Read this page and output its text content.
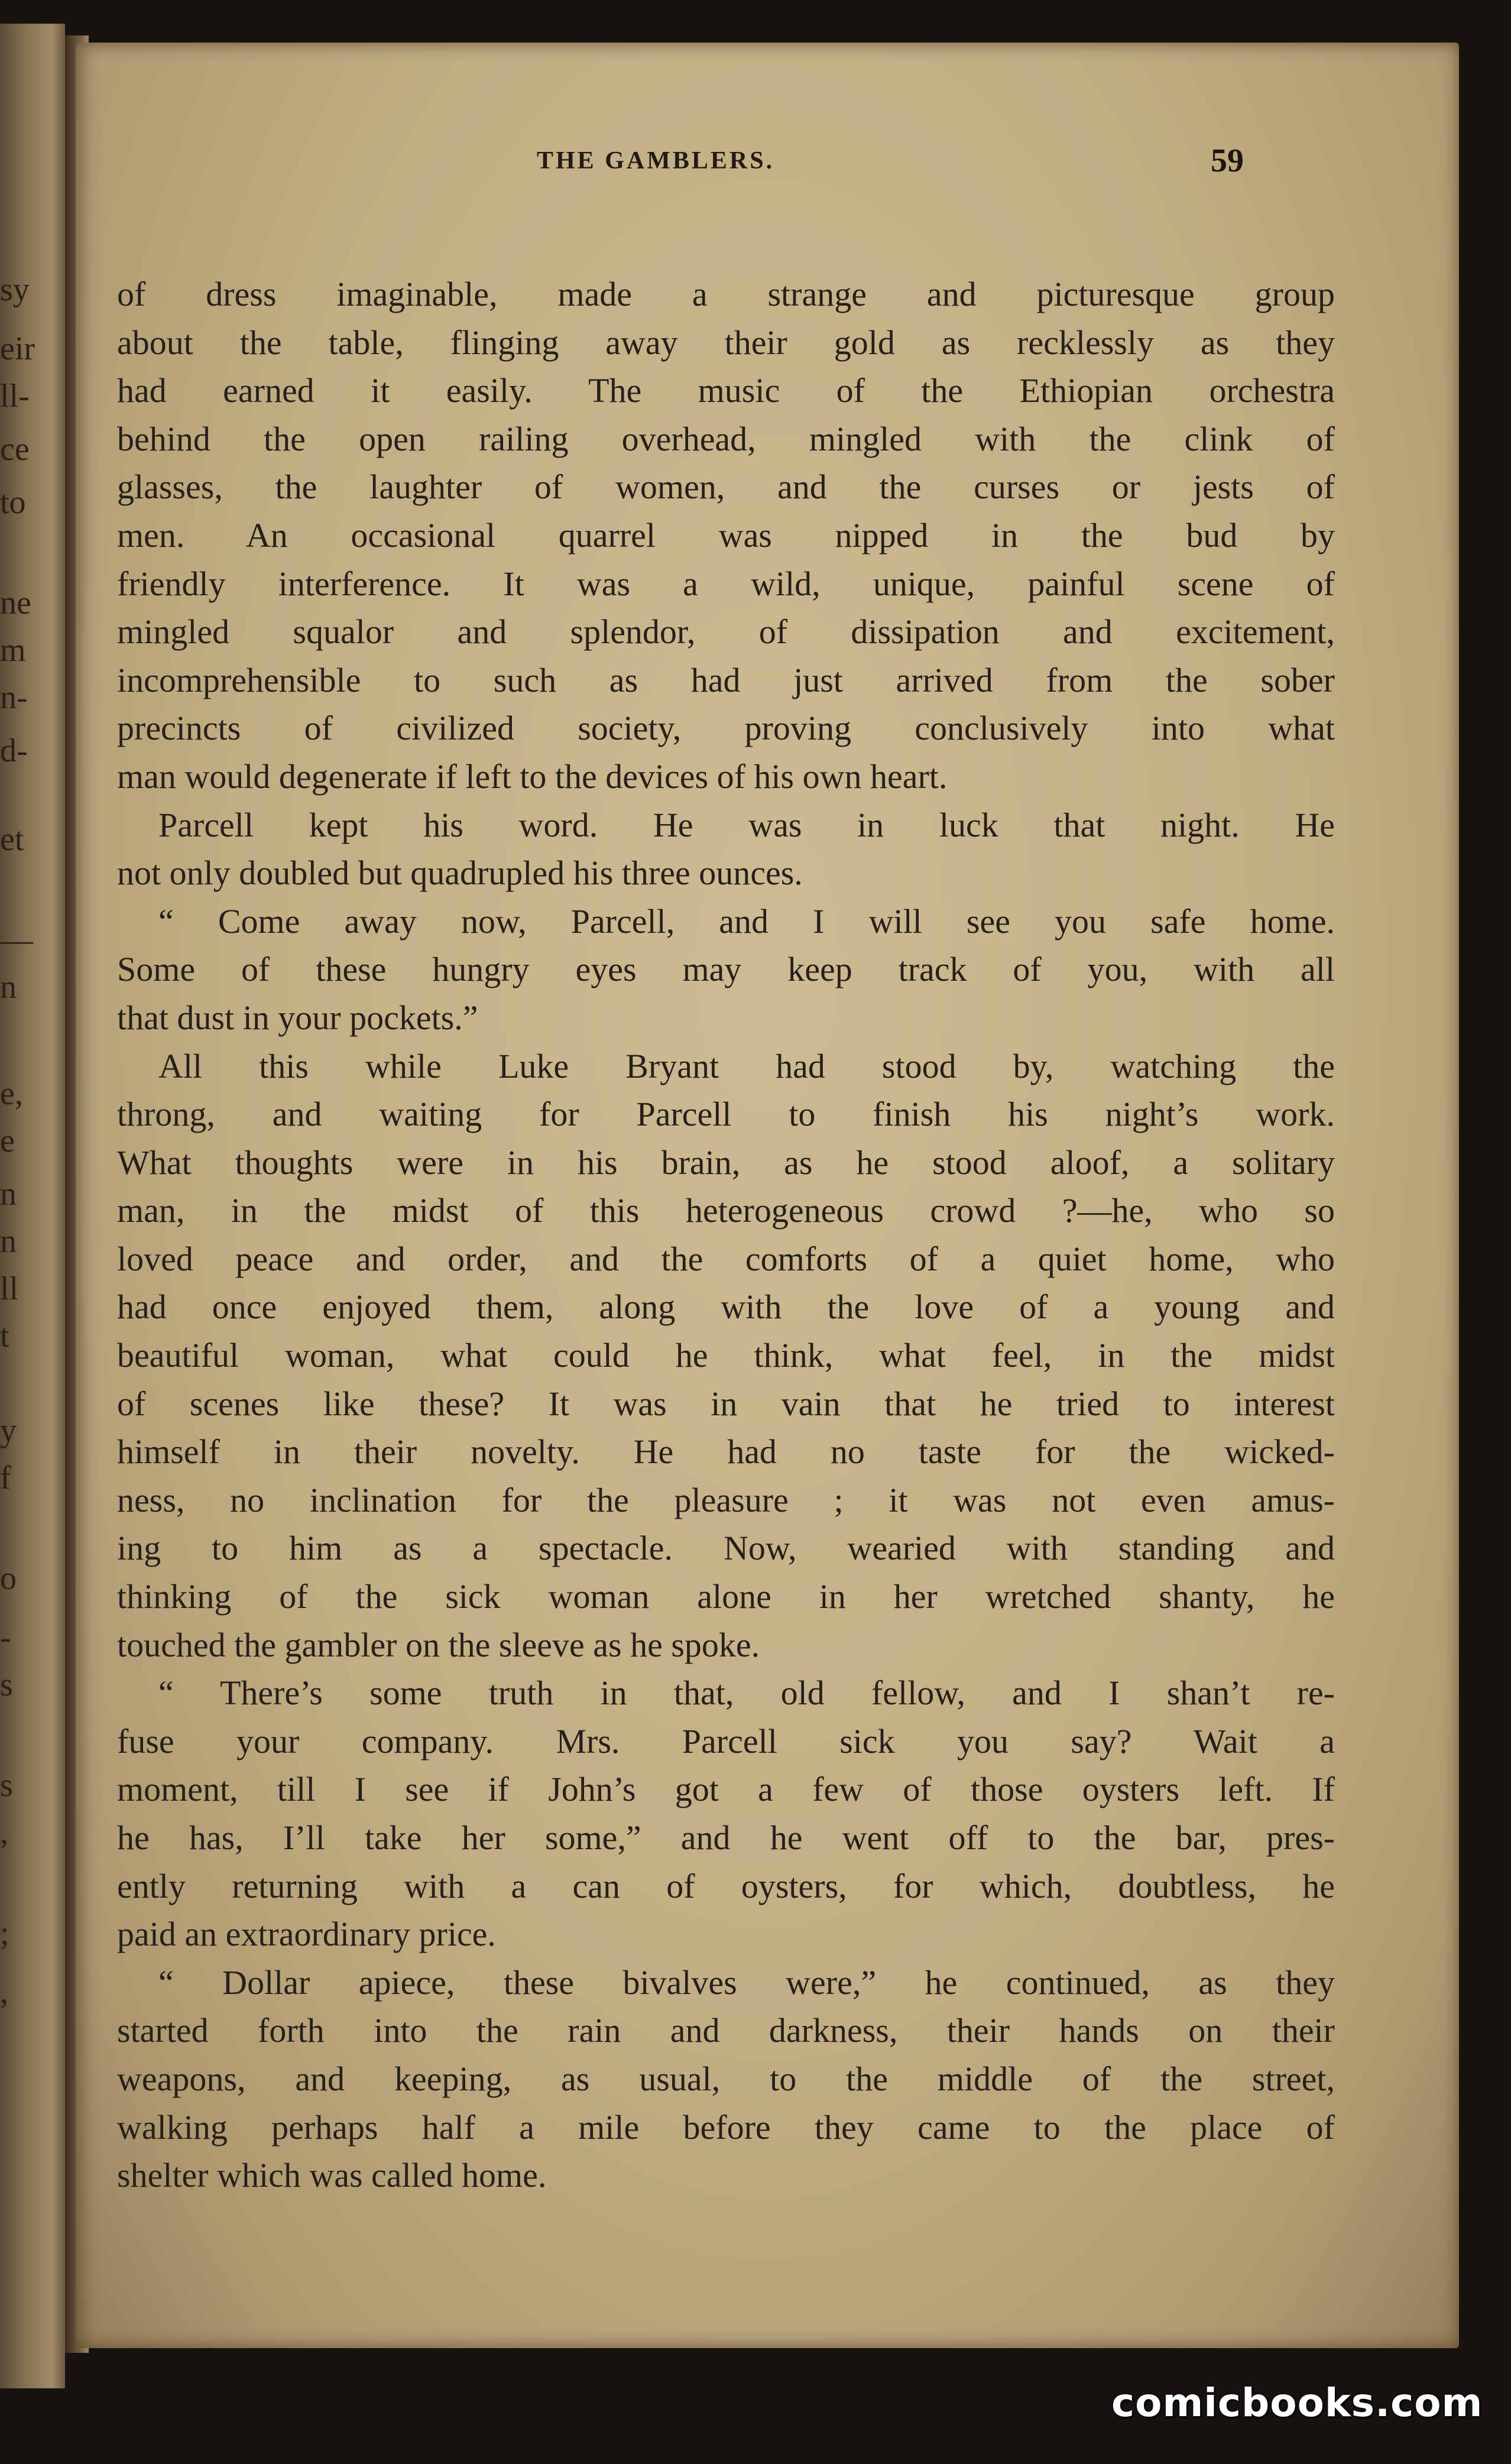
sy
eir
ll-
ce
to
ne
m
n-
d-
et
—
n
e,
e
n
n
ll
t
y
f
o
-
s
s
,
;
,
THE GAMBLERS.	59
of dress imaginable, made a strange and picturesque group
about the table, flinging away their gold as recklessly as they
had earned it easily. The music of the Ethiopian orchestra
behind the open railing overhead, mingled with the clink of
glasses, the laughter of women, and the curses or jests of
men. An occasional quarrel was nipped in the bud by
friendly interference. It was a wild, unique, painful scene of
mingled squalor and splendor, of dissipation and excitement,
incomprehensible to such as had just arrived from the sober
precincts of civilized society, proving conclusively into what
man would degenerate if left to the devices of his own heart.
Parcell kept his word. He was in luck that night. He
not only doubled but quadrupled his three ounces.
“ Come away now, Parcell, and I will see you safe home.
Some of these hungry eyes may keep track of you, with all
that dust in your pockets.”
All this while Luke Bryant had stood by, watching the
throng, and waiting for Parcell to finish his night’s work.
What thoughts were in his brain, as he stood aloof, a solitary
man, in the midst of this heterogeneous crowd ?—he, who so
loved peace and order, and the comforts of a quiet home, who
had once enjoyed them, along with the love of a young and
beautiful woman, what could he think, what feel, in the midst
of scenes like these? It was in vain that he tried to interest
himself in their novelty. He had no taste for the wicked-
ness, no inclination for the pleasure ; it was not even amus-
ing to him as a spectacle. Now, wearied with standing and
thinking of the sick woman alone in her wretched shanty, he
touched the gambler on the sleeve as he spoke.
“ There’s some truth in that, old fellow, and I shan’t re-
fuse your company. Mrs. Parcell sick you say? Wait a
moment, till I see if John’s got a few of those oysters left. If
he has, I’ll take her some,” and he went off to the bar, pres-
ently returning with a can of oysters, for which, doubtless, he
paid an extraordinary price.
“ Dollar apiece, these bivalves were,” he continued, as they
started forth into the rain and darkness, their hands on their
weapons, and keeping, as usual, to the middle of the street,
walking perhaps half a mile before they came to the place of
shelter which was called home.
comicbooks.com
